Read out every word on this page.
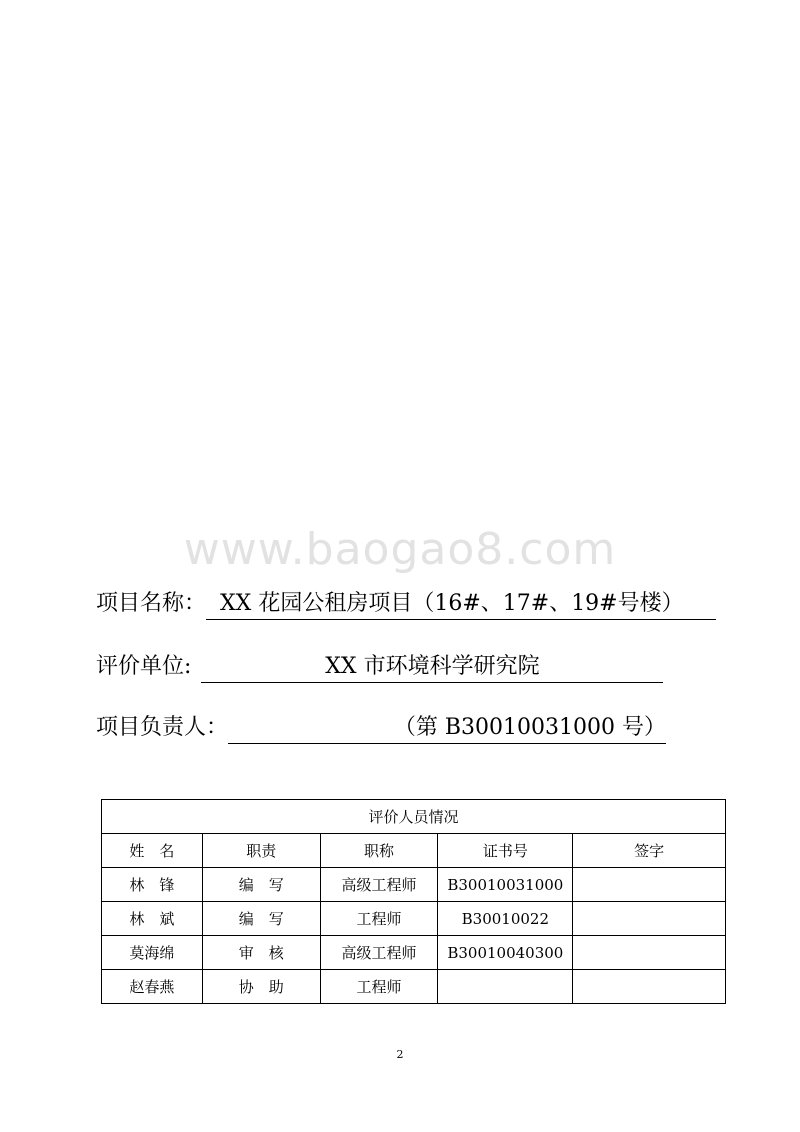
www.baogao8.com
项目名称： XX 花园公租房项目（16#、17#、19#号楼）
评价单位:	XX 市环境科学研究院
项目负责人：	（第 B30010031000 号）
评价人员情况				
姓　名	职责	职称	证书号	签字
林　锋	编　写	高级工程师	B30010031000	
林　斌	编　写	工程师	B30010022	
莫海绵	审　核	高级工程师	B30010040300	
赵春燕	协　助	工程师		
2
